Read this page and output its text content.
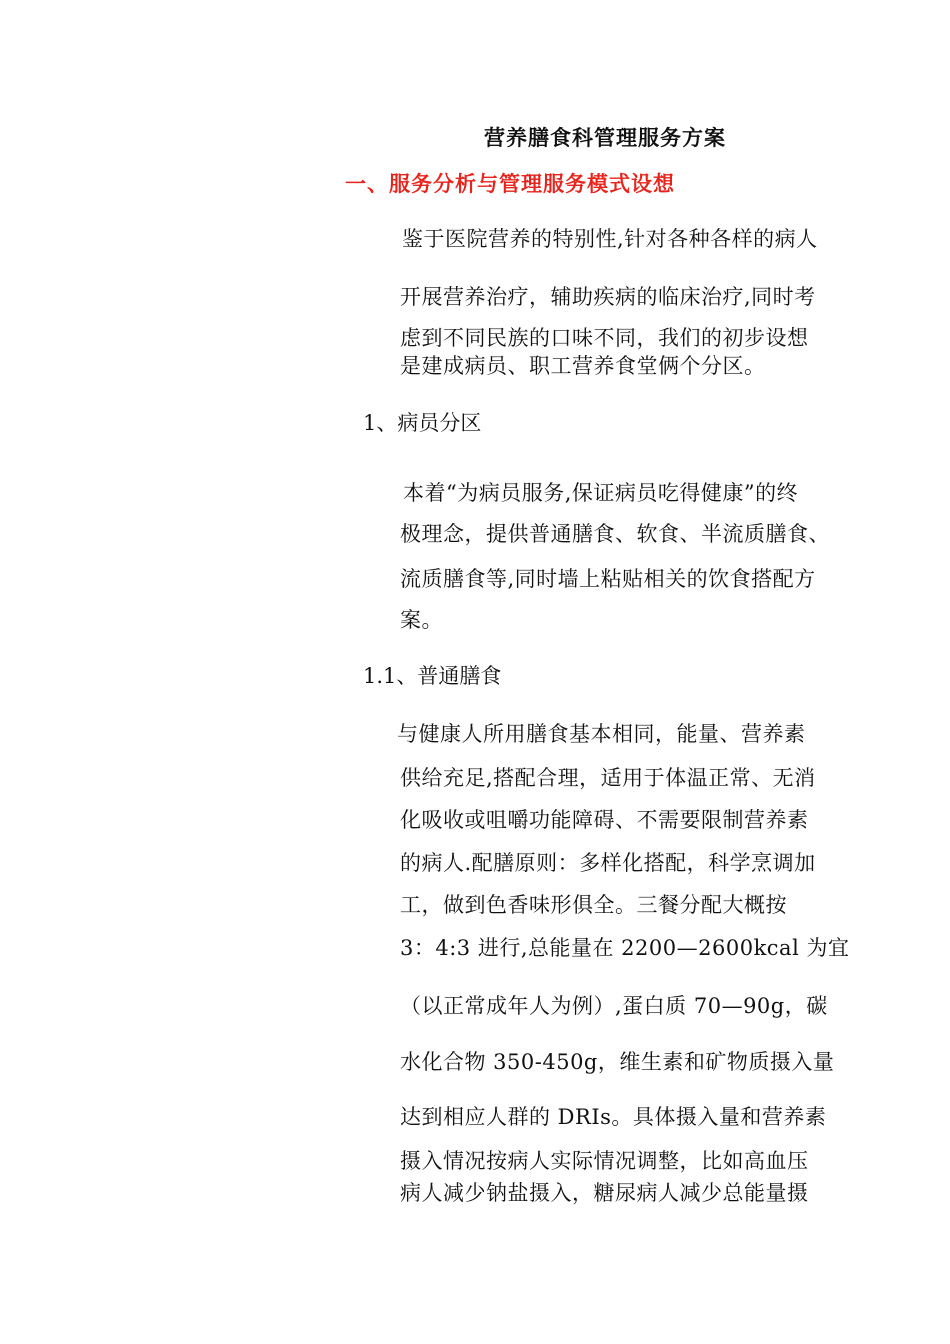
营养膳食科管理服务方案
一、服务分析与管理服务模式设想
鉴于医院营养的特别性,针对各种各样的病人
开展营养治疗，辅助疾病的临床治疗,同时考
虑到不同民族的口味不同，我们的初步设想
是建成病员、职工营养食堂俩个分区。
1、病员分区
本着“为病员服务,保证病员吃得健康”的终
极理念，提供普通膳食、软食、半流质膳食、
流质膳食等,同时墙上粘贴相关的饮食搭配方
案。
1.1、普通膳食
与健康人所用膳食基本相同，能量、营养素
供给充足,搭配合理，适用于体温正常、无消
化吸收或咀嚼功能障碍、不需要限制营养素
的病人.配膳原则：多样化搭配，科学烹调加
工，做到色香味形俱全。三餐分配大概按
3：4:3 进行,总能量在 2200—2600kcal 为宜
（以正常成年人为例）,蛋白质 70—90g，碳
水化合物 350-450g，维生素和矿物质摄入量
达到相应人群的 DRIs。具体摄入量和营养素
摄入情况按病人实际情况调整，比如高血压
病人减少钠盐摄入，糖尿病人减少总能量摄
